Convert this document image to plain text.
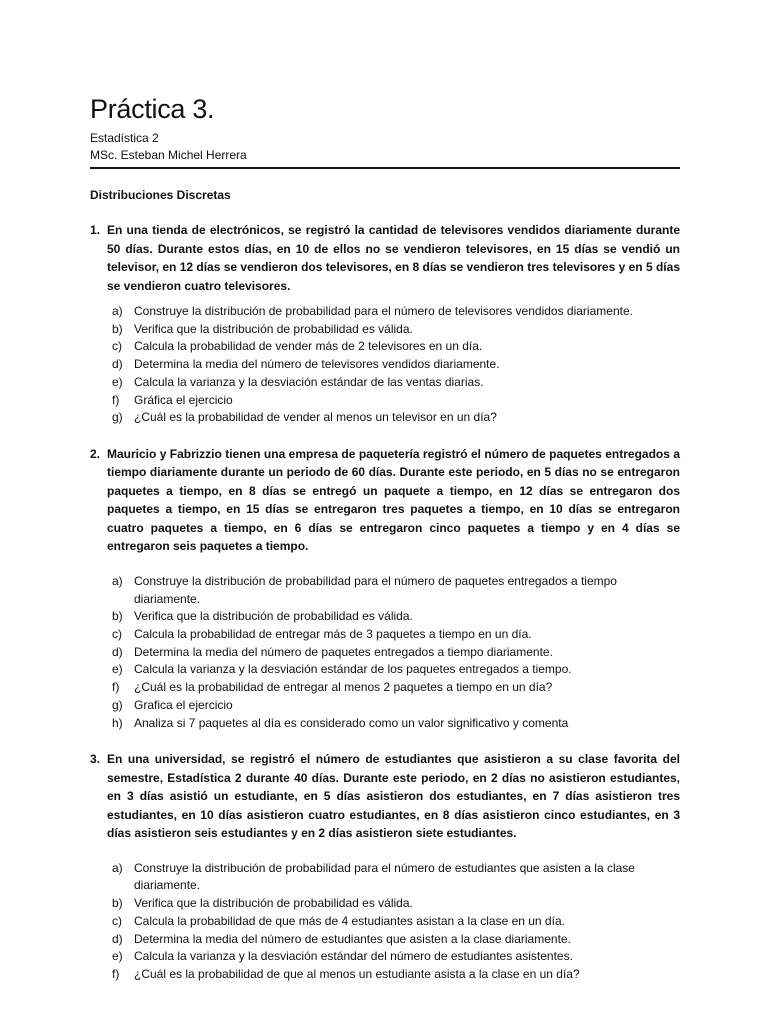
Práctica 3.
Estadística 2
MSc. Esteban Michel Herrera
Distribuciones Discretas
1. En una tienda de electrónicos, se registró la cantidad de televisores vendidos diariamente durante 50 días. Durante estos días, en 10 de ellos no se vendieron televisores, en 15 días se vendió un televisor, en 12 días se vendieron dos televisores, en 8 días se vendieron tres televisores y en 5 días se vendieron cuatro televisores.
a) Construye la distribución de probabilidad para el número de televisores vendidos diariamente.
b) Verifica que la distribución de probabilidad es válida.
c)	Calcula la probabilidad de vender más de 2 televisores en un día.
d) Determina la media del número de televisores vendidos diariamente.
e) Calcula la varianza y la desviación estándar de las ventas diarias.
f)	Gráfica el ejercicio
g) ¿Cuál es la probabilidad de vender al menos un televisor en un día?
2. Mauricio y Fabrizzio tienen una empresa de paquetería registró el número de paquetes entregados a tiempo diariamente durante un periodo de 60 días. Durante este periodo, en 5 días no se entregaron paquetes a tiempo, en 8 días se entregó un paquete a tiempo, en 12 días se entregaron dos paquetes a tiempo, en 15 días se entregaron tres paquetes a tiempo, en 10 días se entregaron cuatro paquetes a tiempo, en 6 días se entregaron cinco paquetes a tiempo y en 4 días se entregaron seis paquetes a tiempo.
a) Construye la distribución de probabilidad para el número de paquetes entregados a tiempo diariamente.
b) Verifica que la distribución de probabilidad es válida.
c)	Calcula la probabilidad de entregar más de 3 paquetes a tiempo en un día.
d) Determina la media del número de paquetes entregados a tiempo diariamente.
e) Calcula la varianza y la desviación estándar de los paquetes entregados a tiempo.
f)	¿Cuál es la probabilidad de entregar al menos 2 paquetes a tiempo en un día?
g) Grafica el ejercicio
h) Analiza si 7 paquetes al día es considerado como un valor significativo y comenta
3. En una universidad, se registró el número de estudiantes que asistieron a su clase favorita del semestre, Estadística 2 durante 40 días. Durante este periodo, en 2 días no asistieron estudiantes, en 3 días asistió un estudiante, en 5 días asistieron dos estudiantes, en 7 días asistieron tres estudiantes, en 10 días asistieron cuatro estudiantes, en 8 días asistieron cinco estudiantes, en 3 días asistieron seis estudiantes y en 2 días asistieron siete estudiantes.
a) Construye la distribución de probabilidad para el número de estudiantes que asisten a la clase diariamente.
b) Verifica que la distribución de probabilidad es válida.
c)	Calcula la probabilidad de que más de 4 estudiantes asistan a la clase en un día.
d) Determina la media del número de estudiantes que asisten a la clase diariamente.
e) Calcula la varianza y la desviación estándar del número de estudiantes asistentes.
f)	¿Cuál es la probabilidad de que al menos un estudiante asista a la clase en un día?
